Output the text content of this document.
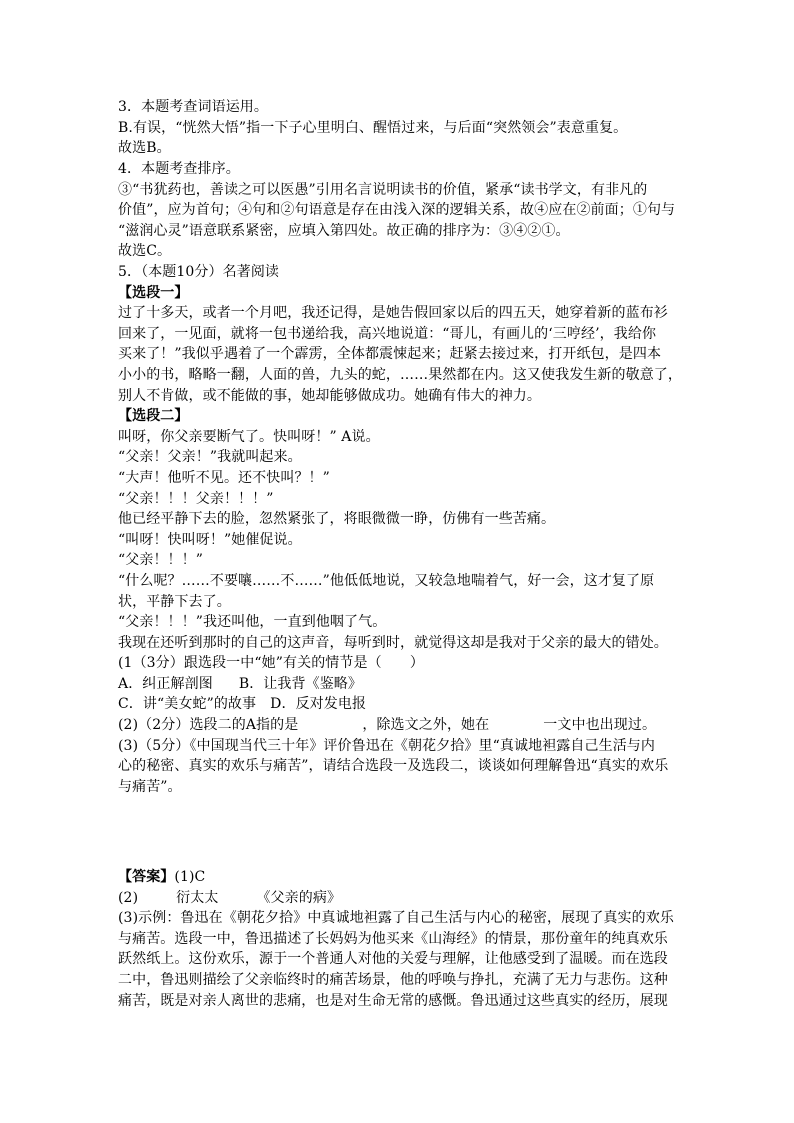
3．本题考查词语运用。
B.有误，“恍然大悟”指一下子心里明白、醒悟过来，与后面“突然领会”表意重复。
故选B。
4．本题考查排序。
③“书犹药也，善读之可以医愚”引用名言说明读书的价值，紧承“读书学文，有非凡的
价值”，应为首句；④句和②句语意是存在由浅入深的逻辑关系，故④应在②前面；①句与
“滋润心灵”语意联系紧密，应填入第四处。故正确的排序为：③④②①。
故选C。
5．（本题10分）名著阅读
【选段一】
过了十多天，或者一个月吧，我还记得，是她告假回家以后的四五天，她穿着新的蓝布衫
回来了，一见面，就将一包书递给我，高兴地说道：“哥儿，有画儿的‘三哼经’，我给你
买来了！”我似乎遇着了一个霹雳，全体都震悚起来；赶紧去接过来，打开纸包，是四本
小小的书，略略一翻，人面的兽，九头的蛇，……果然都在内。这又使我发生新的敬意了，
别人不肯做，或不能做的事，她却能够做成功。她确有伟大的神力。
【选段二】
叫呀，你父亲要断气了。快叫呀！” A说。
“父亲！父亲！”我就叫起来。
“大声！他听不见。还不快叫？！”
“父亲！！！父亲！！！”
他已经平静下去的脸，忽然紧张了，将眼微微一睁，仿佛有一些苦痛。
“叫呀！快叫呀！”她催促说。
“父亲！！！”
“什么呢？……不要嚷……不……”他低低地说，又较急地喘着气，好一会，这才复了原
状，平静下去了。
“父亲！！！”我还叫他，一直到他咽了气。
我现在还听到那时的自己的这声音，每听到时，就觉得这却是我对于父亲的最大的错处。
(1（3分）跟选段一中“她”有关的情节是（　　）
A．纠正解剖图 B．让我背《鉴略》
C．讲“美女蛇”的故事 D．反对发电报
(2)（2分）选段二的A指的是	，除选文之外，她在	一文中也出现过。
(3)（5分）《中国现当代三十年》评价鲁迅在《朝花夕拾》里“真诚地袒露自己生活与内
心的秘密、真实的欢乐与痛苦”，请结合选段一及选段二，谈谈如何理解鲁迅“真实的欢乐
与痛苦”。
【答案】(1)C
(2)	衍太太	《父亲的病》
(3)示例：鲁迅在《朝花夕拾》中真诚地袒露了自己生活与内心的秘密，展现了真实的欢乐
与痛苦。选段一中，鲁迅描述了长妈妈为他买来《山海经》的情景，那份童年的纯真欢乐
跃然纸上。这份欢乐，源于一个普通人对他的关爱与理解，让他感受到了温暖。而在选段
二中，鲁迅则描绘了父亲临终时的痛苦场景，他的呼唤与挣扎，充满了无力与悲伤。这种
痛苦，既是对亲人离世的悲痛，也是对生命无常的感慨。鲁迅通过这些真实的经历，展现
